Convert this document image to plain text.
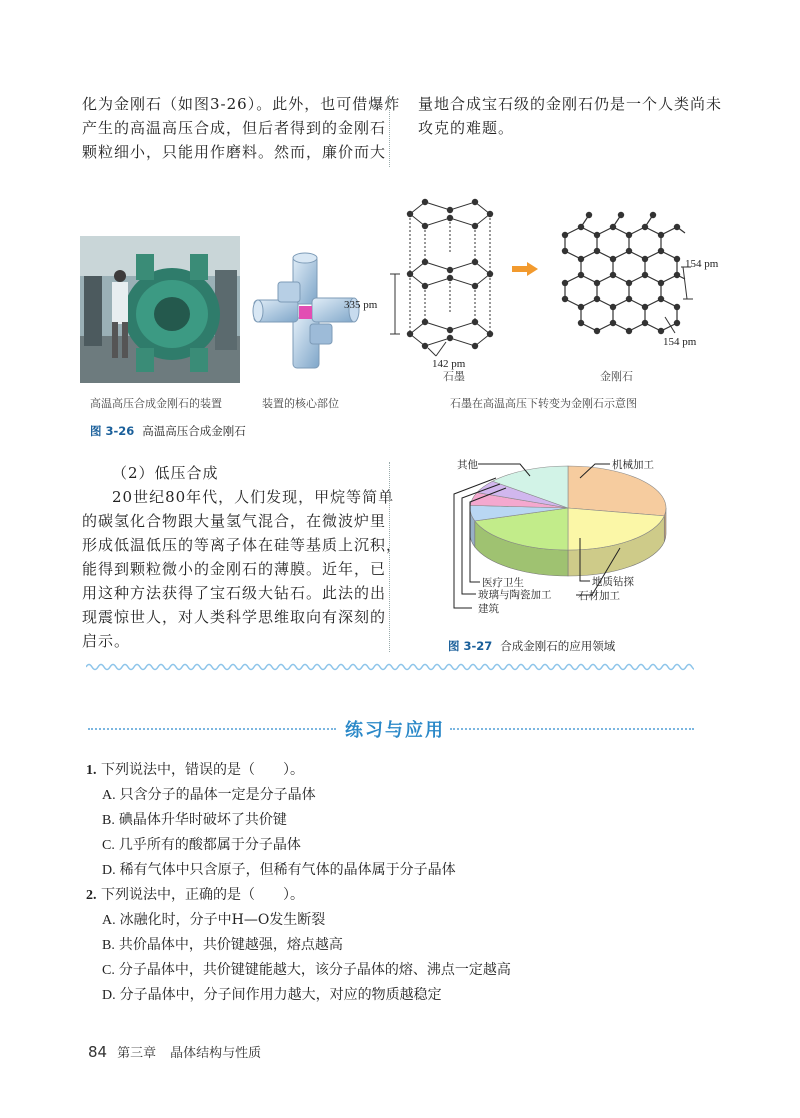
化为金刚石（如图3-26）。此外，也可借爆炸
产生的高温高压合成，但后者得到的金刚石
颗粒细小，只能用作磨料。然而，廉价而大
量地合成宝石级的金刚石仍是一个人类尚未
攻克的难题。
335 pm
142 pm
154 pm
154 pm
石墨	金刚石
高温高压合成金刚石的装置	装置的核心部位	石墨在高温高压下转变为金刚石示意图
图 3-26 高温高压合成金刚石
（2）低压合成
20世纪80年代，人们发现，甲烷等简单
的碳氢化合物跟大量氢气混合，在微波炉里
形成低温低压的等离子体在硅等基质上沉积，
能得到颗粒微小的金刚石的薄膜。近年，已
用这种方法获得了宝石级大钻石。此法的出
现震惊世人，对人类科学思维取向有深刻的
启示。
其他	机械加工
医疗卫生
玻璃与陶瓷加工
建筑
地质钻探
石材加工
图 3-27 合成金刚石的应用领域
练习与应用
1. 下列说法中，错误的是（　　）。
A. 只含分子的晶体一定是分子晶体
B. 碘晶体升华时破坏了共价键
C. 几乎所有的酸都属于分子晶体
D. 稀有气体中只含原子，但稀有气体的晶体属于分子晶体
2. 下列说法中，正确的是（　　）。
A. 冰融化时，分子中H—O发生断裂
B. 共价晶体中，共价键越强，熔点越高
C. 分子晶体中，共价键键能越大，该分子晶体的熔、沸点一定越高
D. 分子晶体中，分子间作用力越大，对应的物质越稳定
84 第三章 晶体结构与性质
